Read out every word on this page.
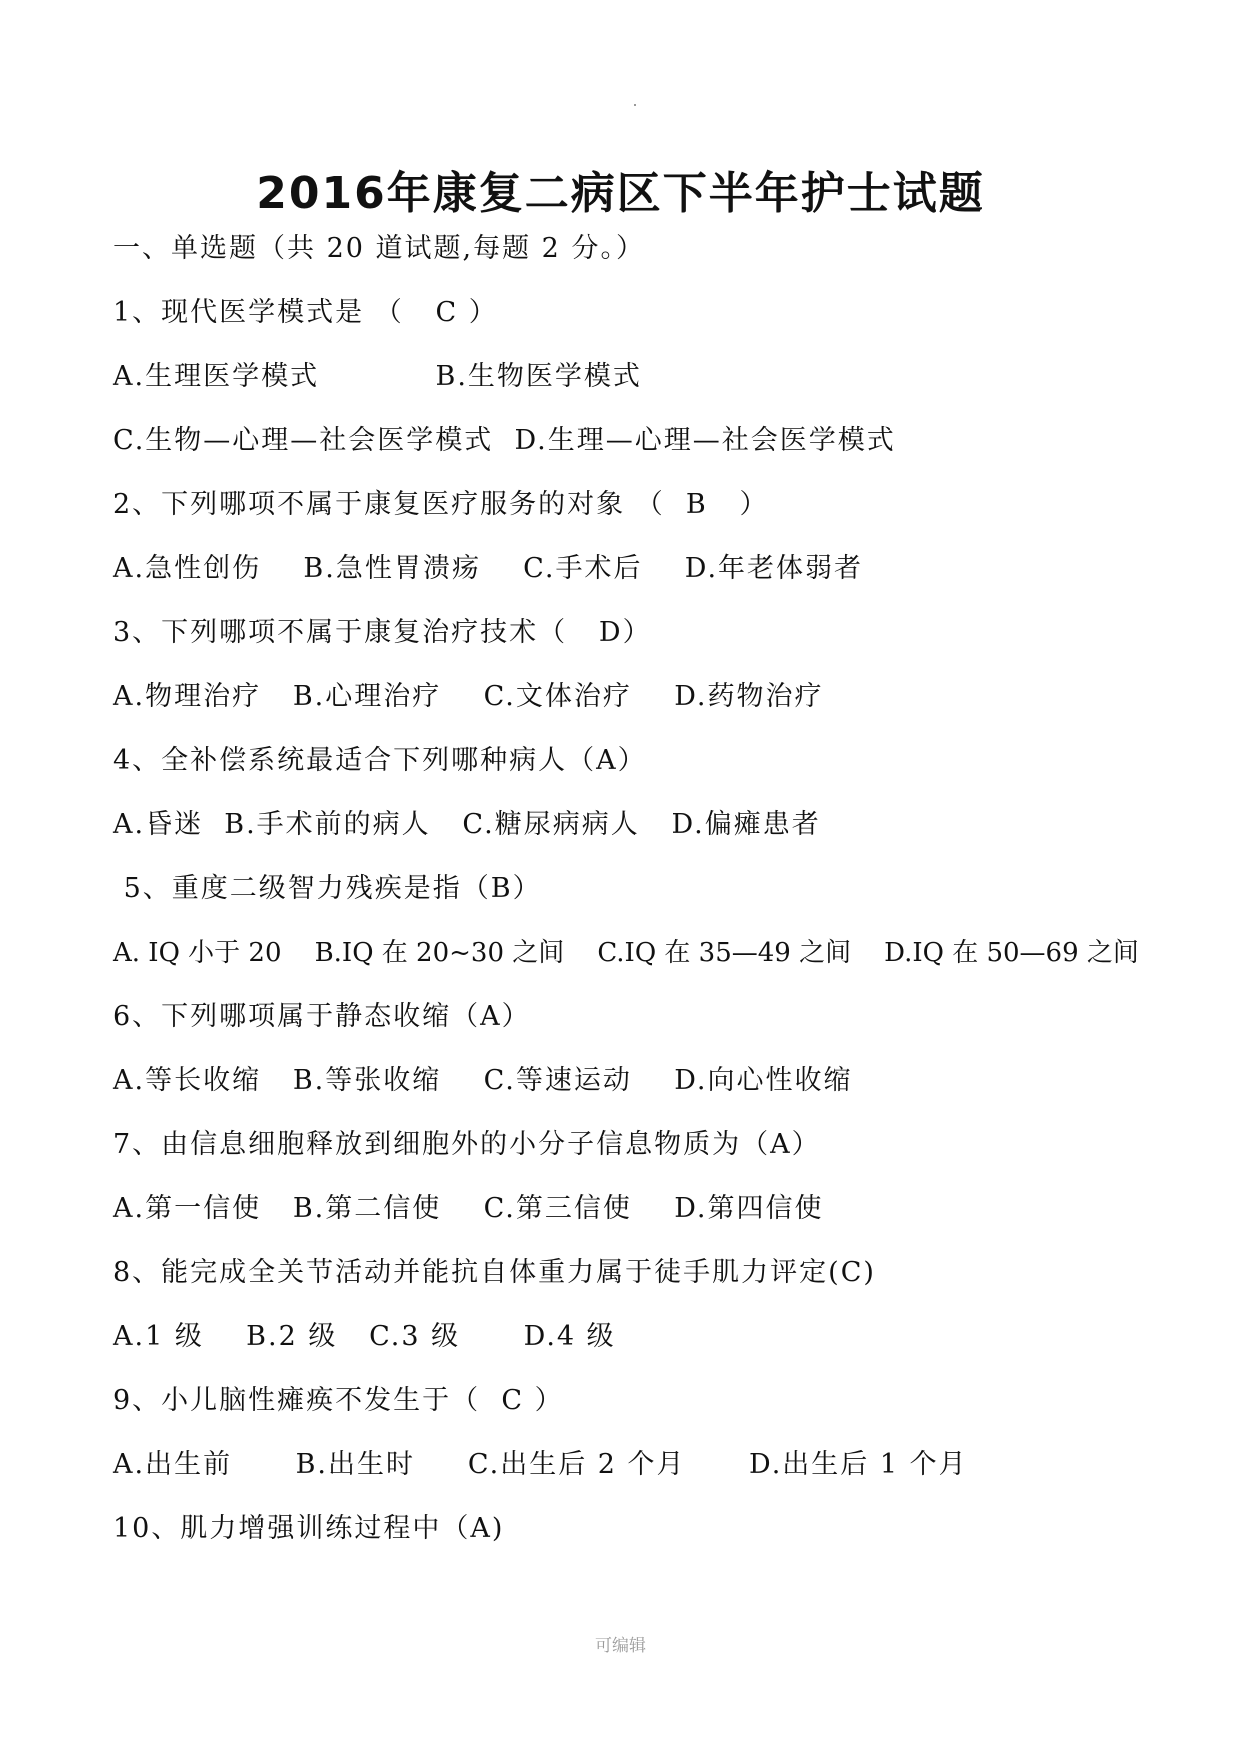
2016年康复二病区下半年护士试题
一、单选题（共 20 道试题,每题 2 分。）
1、现代医学模式是 （   C ）
A.生理医学模式           B.生物医学模式
C.生物—心理—社会医学模式  D.生理—心理—社会医学模式
2、下列哪项不属于康复医疗服务的对象 （  B   ）
A.急性创伤    B.急性胃溃疡    C.手术后    D.年老体弱者
3、下列哪项不属于康复治疗技术（   D）
A.物理治疗   B.心理治疗    C.文体治疗    D.药物治疗
4、全补偿系统最适合下列哪种病人（A）
A.昏迷  B.手术前的病人   C.糖尿病病人   D.偏瘫患者
5、重度二级智力残疾是指（B）
A. IQ 小于 20    B.IQ 在 20~30 之间    C.IQ 在 35—49 之间    D.IQ 在 50—69 之间
6、下列哪项属于静态收缩（A）
A.等长收缩   B.等张收缩    C.等速运动    D.向心性收缩
7、由信息细胞释放到细胞外的小分子信息物质为（A）
A.第一信使   B.第二信使    C.第三信使    D.第四信使
8、能完成全关节活动并能抗自体重力属于徒手肌力评定(C)
A.1 级    B.2 级   C.3 级      D.4 级
9、小儿脑性瘫痪不发生于（  C ）
A.出生前      B.出生时     C.出生后 2 个月      D.出生后 1 个月
10、肌力增强训练过程中（A)
可编辑
